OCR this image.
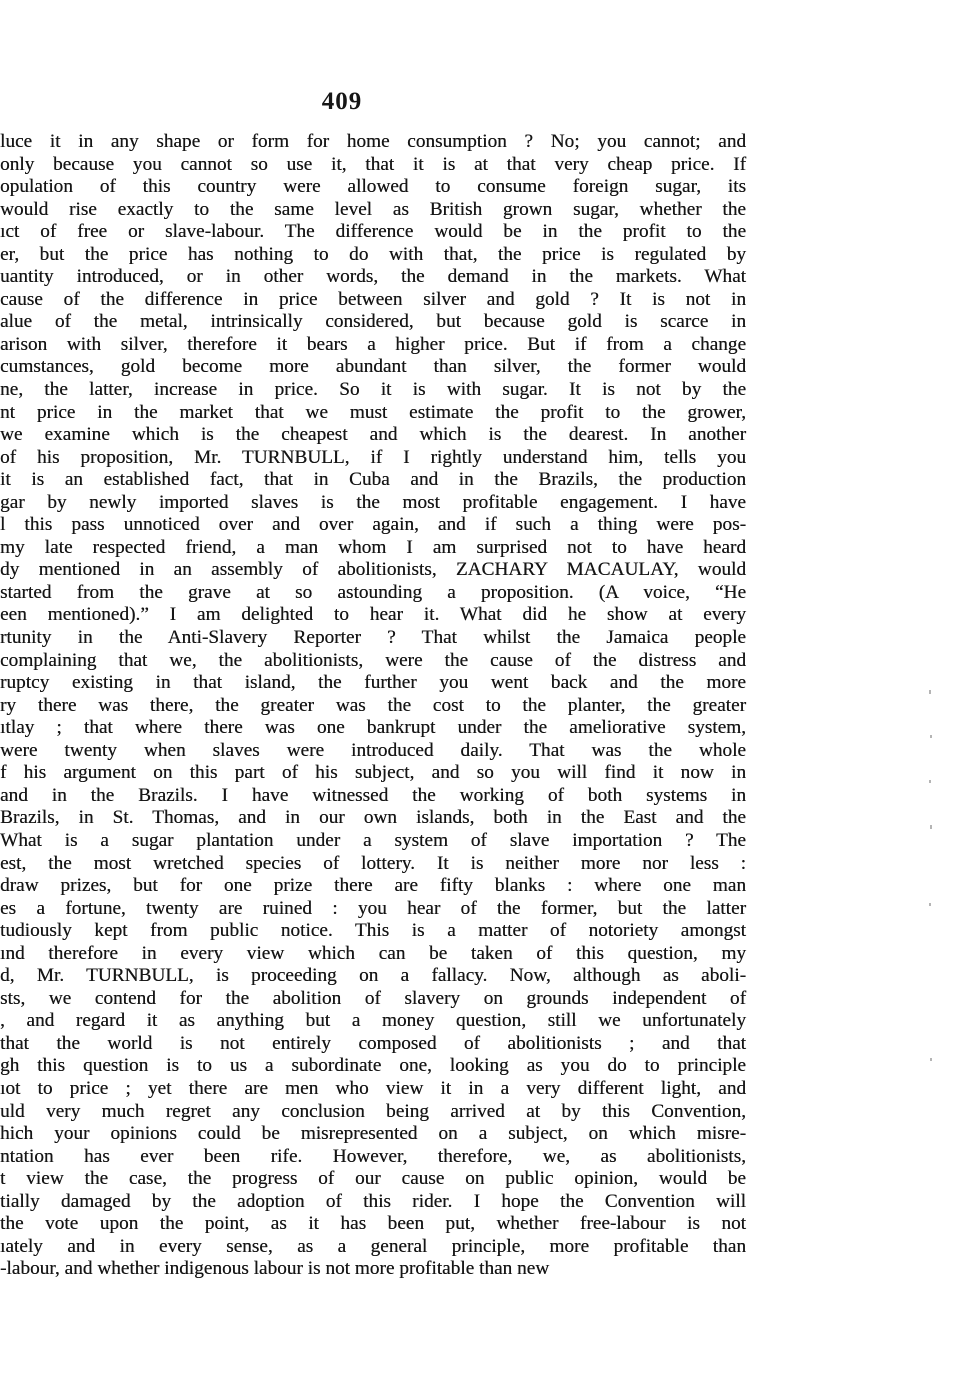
409
luce it in any shape or form for home consumption ? No; you cannot; and
only because you cannot so use it, that it is at that very cheap price. If
opulation of this country were allowed to consume foreign sugar, its
would rise exactly to the same level as British grown sugar, whether the
ıct of free or slave-labour. The difference would be in the profit to the
er, but the price has nothing to do with that, the price is regulated by
uantity introduced, or in other words, the demand in the markets. What
cause of the difference in price between silver and gold ? It is not in
alue of the metal, intrinsically considered, but because gold is scarce in
arison with silver, therefore it bears a higher price. But if from a change
cumstances, gold become more abundant than silver, the former would
ne, the latter, increase in price. So it is with sugar. It is not by the
nt price in the market that we must estimate the profit to the grower,
we examine which is the cheapest and which is the dearest. In another
of his proposition, Mr. TURNBULL, if I rightly understand him, tells you
it is an established fact, that in Cuba and in the Brazils, the production
gar by newly imported slaves is the most profitable engagement. I have
l this pass unnoticed over and over again, and if such a thing were pos-
my late respected friend, a man whom I am surprised not to have heard
dy mentioned in an assembly of abolitionists, ZACHARY MACAULAY, would
started from the grave at so astounding a proposition. (A voice, “He
een mentioned).” I am delighted to hear it. What did he show at every
rtunity in the Anti-Slavery Reporter ? That whilst the Jamaica people
complaining that we, the abolitionists, were the cause of the distress and
ruptcy existing in that island, the further you went back and the more
ry there was there, the greater was the cost to the planter, the greater
ıtlay ; that where there was one bankrupt under the ameliorative system,
were twenty when slaves were introduced daily. That was the whole
f his argument on this part of his subject, and so you will find it now in
and in the Brazils. I have witnessed the working of both systems in
Brazils, in St. Thomas, and in our own islands, both in the East and the
What is a sugar plantation under a system of slave importation ? The
est, the most wretched species of lottery. It is neither more nor less :
draw prizes, but for one prize there are fifty blanks : where one man
es a fortune, twenty are ruined : you hear of the former, but the latter
tudiously kept from public notice. This is a matter of notoriety amongst
ınd therefore in every view which can be taken of this question, my
d, Mr. TURNBULL, is proceeding on a fallacy. Now, although as aboli-
sts, we contend for the abolition of slavery on grounds independent of
, and regard it as anything but a money question, still we unfortunately
that the world is not entirely composed of abolitionists ; and that
gh this question is to us a subordinate one, looking as you do to principle
ıot to price ; yet there are men who view it in a very different light, and
uld very much regret any conclusion being arrived at by this Convention,
hich your opinions could be misrepresented on a subject, on which misre-
ntation has ever been rife. However, therefore, we, as abolitionists,
t view the case, the progress of our cause on public opinion, would be
tially damaged by the adoption of this rider. I hope the Convention will
the vote upon the point, as it has been put, whether free-labour is not
ıately and in every sense, as a general principle, more profitable than
-labour, and whether indigenous labour is not more profitable than new
